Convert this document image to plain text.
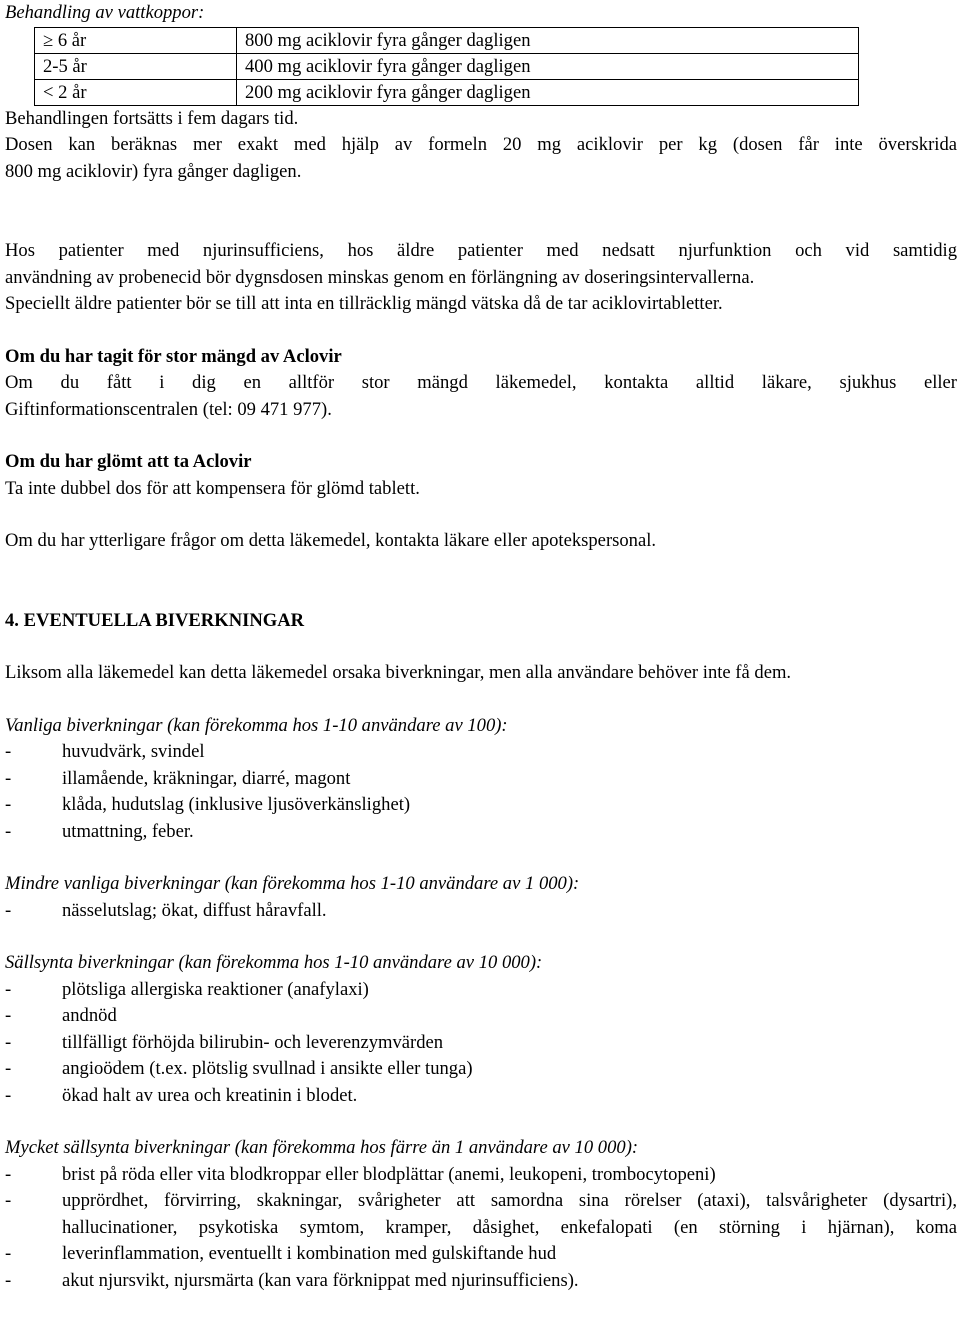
Behandling av vattkoppor:
≥ 6 år	800 mg aciklovir fyra gånger dagligen
2-5 år	400 mg aciklovir fyra gånger dagligen
< 2 år	200 mg aciklovir fyra gånger dagligen
Behandlingen fortsätts i fem dagars tid.
Dosen kan beräknas mer exakt med hjälp av formeln 20 mg aciklovir per kg (dosen får inte överskrida
800 mg aciklovir) fyra gånger dagligen.
Hos patienter med njurinsufficiens, hos äldre patienter med nedsatt njurfunktion och vid samtidig
användning av probenecid bör dygnsdosen minskas genom en förlängning av doseringsintervallerna.
Speciellt äldre patienter bör se till att inta en tillräcklig mängd vätska då de tar aciklovirtabletter.
Om du har tagit för stor mängd av Aclovir
Om du fått i dig en alltför stor mängd läkemedel, kontakta alltid läkare, sjukhus eller
Giftinformationscentralen (tel: 09 471 977).
Om du har glömt att ta Aclovir
Ta inte dubbel dos för att kompensera för glömd tablett.
Om du har ytterligare frågor om detta läkemedel, kontakta läkare eller apotekspersonal.
4. EVENTUELLA BIVERKNINGAR
Liksom alla läkemedel kan detta läkemedel orsaka biverkningar, men alla användare behöver inte få dem.
Vanliga biverkningar (kan förekomma hos 1-10 användare av 100):
-	huvudvärk, svindel
-	illamående, kräkningar, diarré, magont
-	klåda, hudutslag (inklusive ljusöverkänslighet)
-	utmattning, feber.
Mindre vanliga biverkningar (kan förekomma hos 1-10 användare av 1 000):
-	nässelutslag; ökat, diffust håravfall.
Sällsynta biverkningar (kan förekomma hos 1-10 användare av 10 000):
-	plötsliga allergiska reaktioner (anafylaxi)
-	andnöd
-	tillfälligt förhöjda bilirubin- och leverenzymvärden
-	angioödem (t.ex. plötslig svullnad i ansikte eller tunga)
-	ökad halt av urea och kreatinin i blodet.
Mycket sällsynta biverkningar (kan förekomma hos färre än 1 användare av 10 000):
-	brist på röda eller vita blodkroppar eller blodplättar (anemi, leukopeni, trombocytopeni)
-	upprördhet, förvirring, skakningar, svårigheter att samordna sina rörelser (ataxi), talsvårigheter (dysartri), hallucinationer, psykotiska symtom, kramper, dåsighet, enkefalopati (en störning i hjärnan), koma
-	leverinflammation, eventuellt i kombination med gulskiftande hud
-	akut njursvikt, njursmärta (kan vara förknippat med njurinsufficiens).
